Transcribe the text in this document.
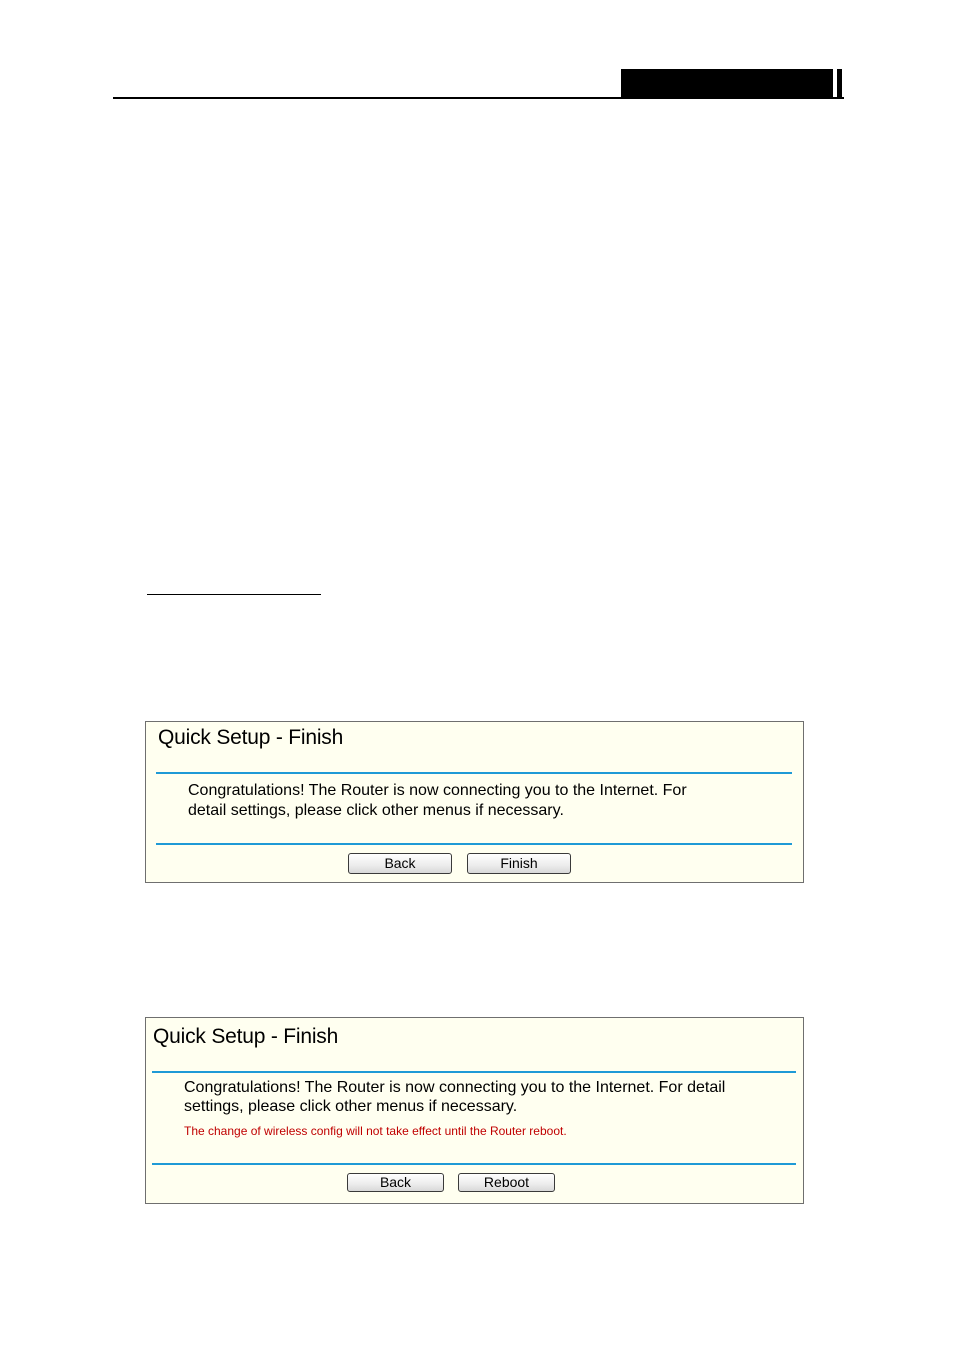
Quick Setup - Finish
Congratulations! The Router is now connecting you to the Internet. For
detail settings, please click other menus if necessary.
Back	Finish
Quick Setup - Finish
Congratulations! The Router is now connecting you to the Internet. For detail
settings, please click other menus if necessary.
The change of wireless config will not take effect until the Router reboot.
Back	Reboot
